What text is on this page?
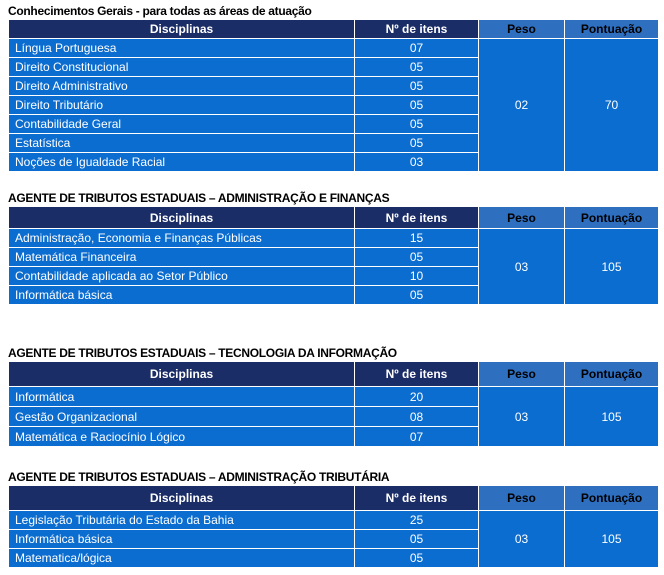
Conhecimentos Gerais - para todas as áreas de atuação
Disciplinas	Nº de itens	Peso	Pontuação
Língua Portuguesa	07	02	70
Direito Constitucional	05		
Direito Administrativo	05		
Direito Tributário	05		
Contabilidade Geral	05		
Estatística	05		
Noções de Igualdade Racial	03		
AGENTE DE TRIBUTOS ESTADUAIS – ADMINISTRAÇÃO E FINANÇAS
Disciplinas	Nº de itens	Peso	Pontuação
Administração, Economia e Finanças Públicas	15	03	105
Matemática Financeira	05		
Contabilidade aplicada ao Setor Público	10		
Informática básica	05		
AGENTE DE TRIBUTOS ESTADUAIS – TECNOLOGIA DA INFORMAÇÃO
Disciplinas	Nº de itens	Peso	Pontuação
Informática	20	03	105
Gestão Organizacional	08		
Matemática e Raciocínio Lógico	07		
AGENTE DE TRIBUTOS ESTADUAIS – ADMINISTRAÇÃO TRIBUTÁRIA
Disciplinas	Nº de itens	Peso	Pontuação
Legislação Tributária do Estado da Bahia	25	03	105
Informática básica	05		
Matematica/lógica	05		
